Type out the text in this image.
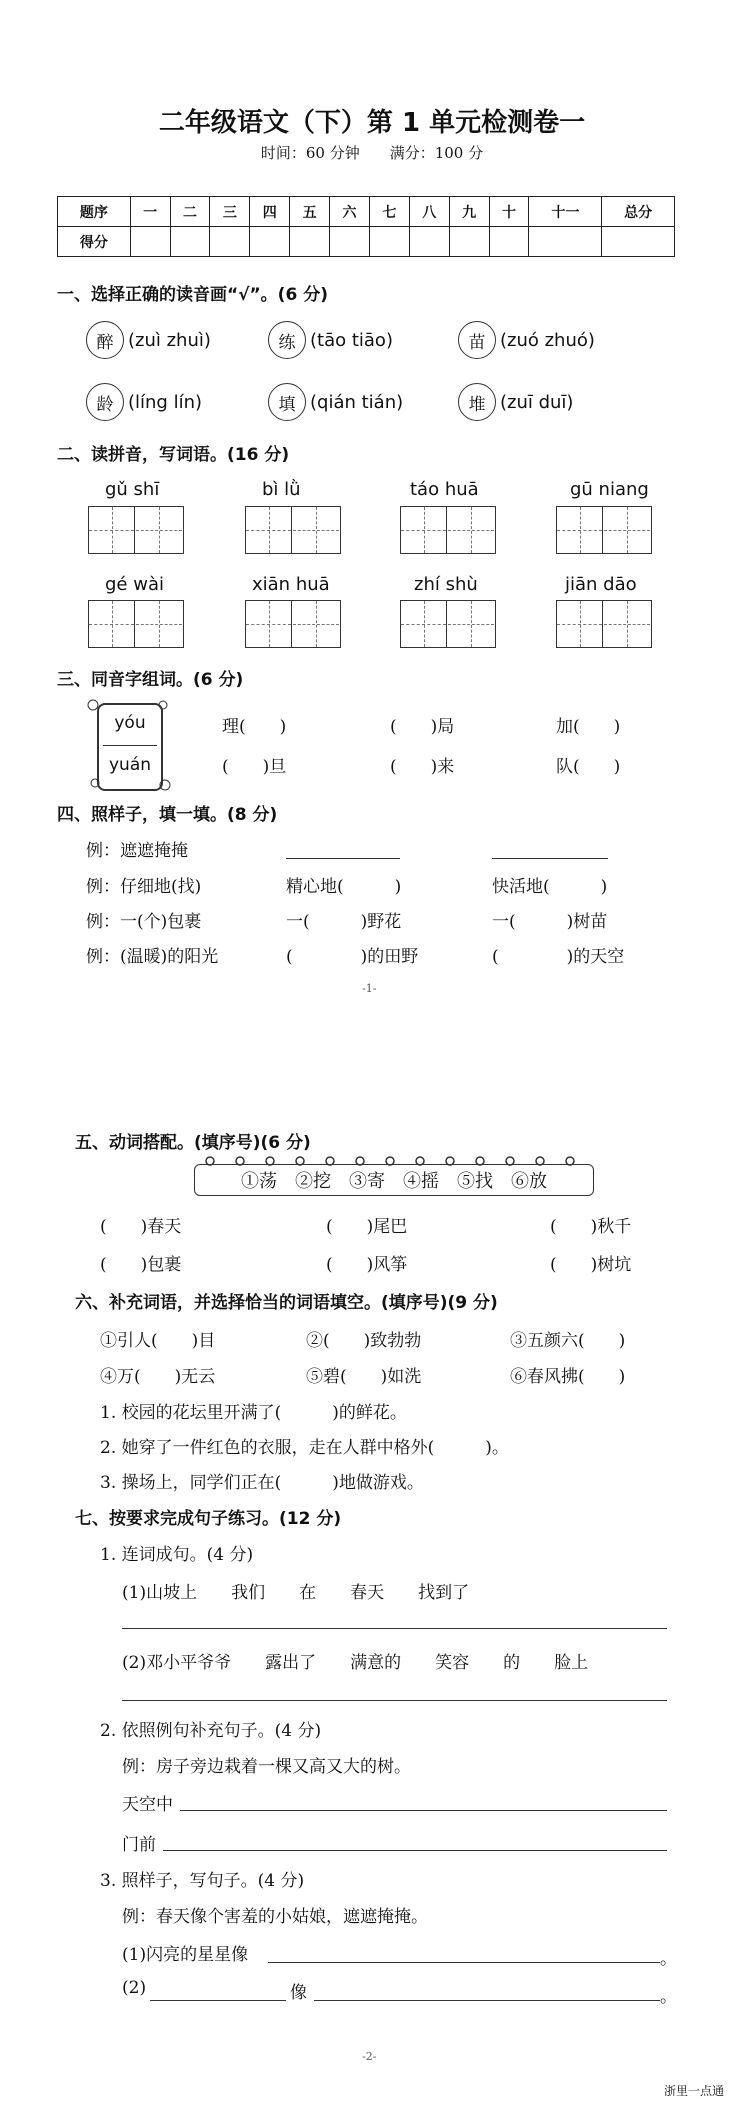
二年级语文（下）第 1 单元检测卷一
时间：60 分钟　　满分：100 分
题序	一	二	三	四	五	六	七	八	九	十	十一	总分
得分												
一、选择正确的读音画“√”。(6 分)
醉 (zuì zhuì)	练 (tāo tiāo)	苗 (zuó zhuó)
龄 (líng lín)	填 (qián tián)	堆 (zuī duī)
二、读拼音，写词语。(16 分)
gǔ shī	bì lǜ	táo huā	gū niang
gé wài	xiān huā	zhí shù	jiān dāo
三、同音字组词。(6 分)
yóu
yuán
理(　　)	(　　)局	加(　　)
(　　)旦	(　　)来	队(　　)
四、照样子，填一填。(8 分)
例：遮遮掩掩
例：仔细地(找)	精心地(　　　)	快活地(　　　)
例：一(个)包裹	一(　　　)野花	一(　　　)树苗
例：(温暖)的阳光	(　　　　)的田野	(　　　　)的天空
-1-
五、动词搭配。(填序号)(6 分)
①荡　②挖　③寄　④摇　⑤找　⑥放
(　　)春天	(　　)尾巴	(　　)秋千
(　　)包裹	(　　)风筝	(　　)树坑
六、补充词语，并选择恰当的词语填空。(填序号)(9 分)
①引人(　　)目	②(　　)致勃勃	③五颜六(　　)
④万(　　)无云	⑤碧(　　)如洗	⑥春风拂(　　)
1. 校园的花坛里开满了(　　　)的鲜花。
2. 她穿了一件红色的衣服，走在人群中格外(　　　)。
3. 操场上，同学们正在(　　　)地做游戏。
七、按要求完成句子练习。(12 分)
1. 连词成句。(4 分)
(1)山坡上　　我们　　在　　春天　　找到了
(2)邓小平爷爷　　露出了　　满意的　　笑容　　的　　脸上
2. 依照例句补充句子。(4 分)
例：房子旁边栽着一棵又高又大的树。
天空中
门前
3. 照样子，写句子。(4 分)
例：春天像个害羞的小姑娘，遮遮掩掩。
(1)闪亮的星星像	。
(2)	像	。
-2-
浙里一点通
